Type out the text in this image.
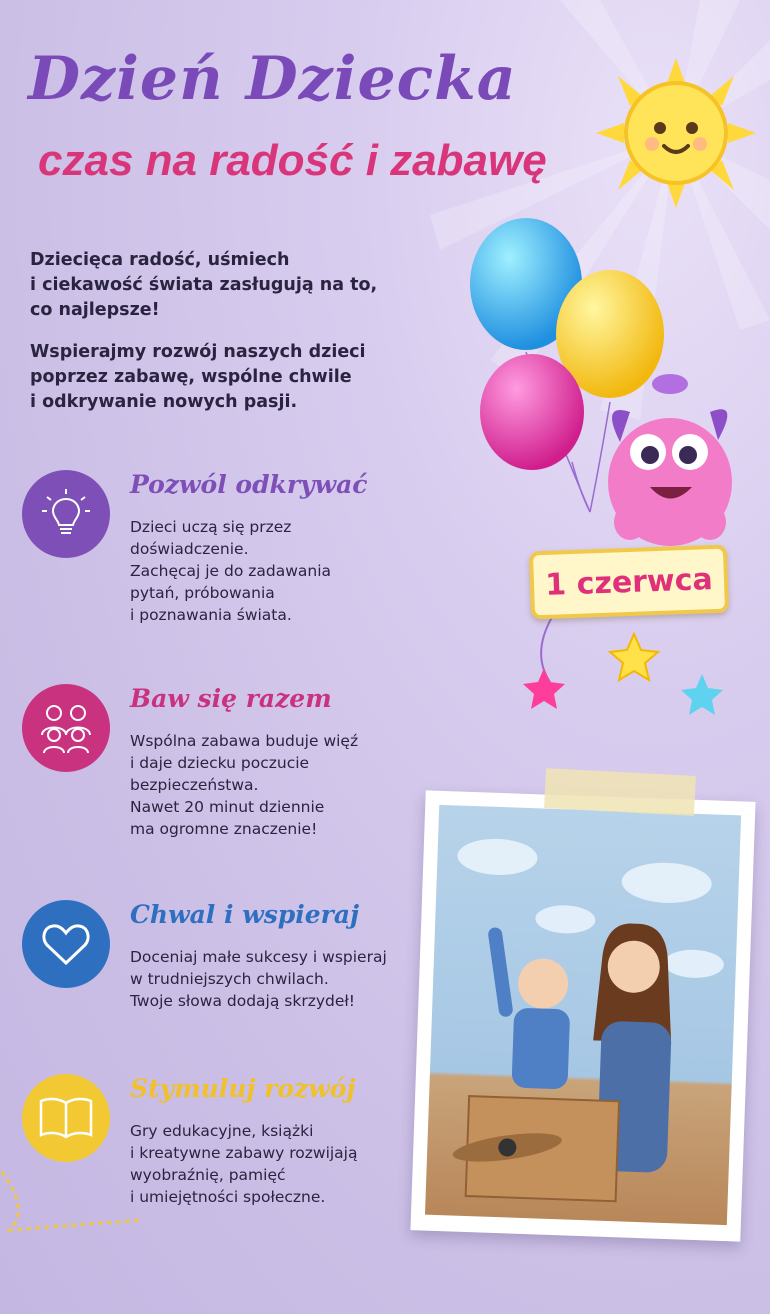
Dzień Dziecka
czas na radość i zabawę
Dziecięca radość, uśmiech
i ciekawość świata zasługują na to,
co najlepsze!
Wspierajmy rozwój naszych dzieci
poprzez zabawę, wspólne chwile
i odkrywanie nowych pasji.
1 czerwca
Pozwól odkrywać
Dzieci uczą się przez
doświadczenie.
Zachęcaj je do zadawania
pytań, próbowania
i poznawania świata.
Baw się razem
Wspólna zabawa buduje więź
i daje dziecku poczucie
bezpieczeństwa.
Nawet 20 minut dziennie
ma ogromne znaczenie!
Chwal i wspieraj
Doceniaj małe sukcesy i wspieraj
w trudniejszych chwilach.
Twoje słowa dodają skrzydeł!
Stymuluj rozwój
Gry edukacyjne, książki
i kreatywne zabawy rozwijają
wyobraźnię, pamięć
i umiejętności społeczne.
